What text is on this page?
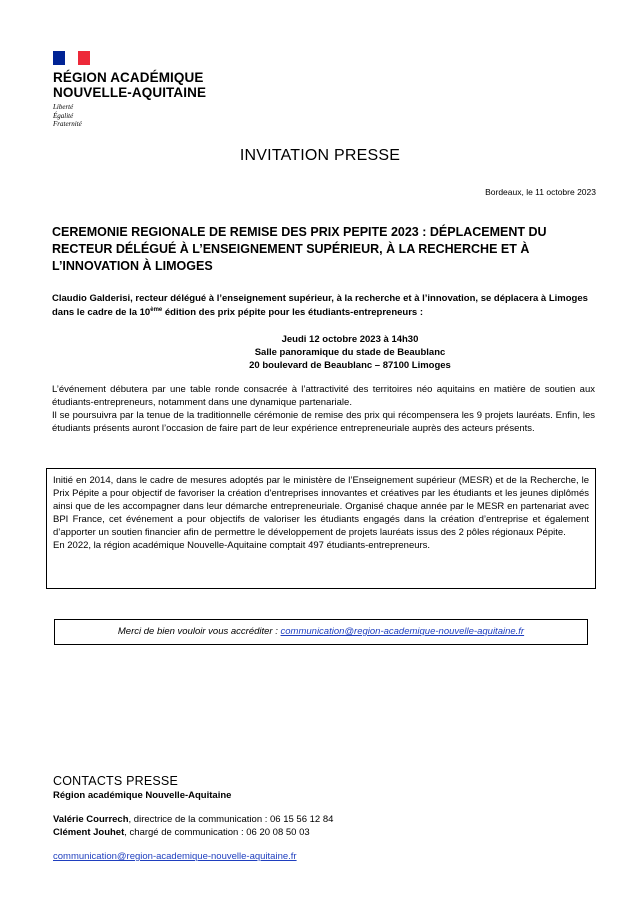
RÉGION ACADÉMIQUE
NOUVELLE-AQUITAINE
Liberté
Égalité
Fraternité
INVITATION PRESSE
Bordeaux, le 11 octobre 2023
CEREMONIE REGIONALE DE REMISE DES PRIX PEPITE 2023 : DÉPLACEMENT DU RECTEUR DÉLÉGUÉ À L’ENSEIGNEMENT SUPÉRIEUR, À LA RECHERCHE ET À L’INNOVATION À LIMOGES
Claudio Galderisi, recteur délégué à l’enseignement supérieur, à la recherche et à l’innovation, se déplacera à Limoges dans le cadre de la 10ème édition des prix pépite pour les étudiants-entrepreneurs :
Jeudi 12 octobre 2023 à 14h30
Salle panoramique du stade de Beaublanc
20 boulevard de Beaublanc – 87100 Limoges

L’événement débutera par une table ronde consacrée à l’attractivité des territoires néo aquitains en matière de soutien aux étudiants-entrepreneurs, notamment dans une dynamique partenariale.

Il se poursuivra par la tenue de la traditionnelle cérémonie de remise des prix qui récompensera les 9 projets lauréats. Enfin, les étudiants présents auront l’occasion de faire part de leur expérience entrepreneuriale auprès des acteurs présents.

Initié en 2014, dans le cadre de mesures adoptés par le ministère de l’Enseignement supérieur (MESR) et de la Recherche, le Prix Pépite a pour objectif de favoriser la création d'entreprises innovantes et créatives par les étudiants et les jeunes diplômés ainsi que de les accompagner dans leur démarche entrepreneuriale. Organisé chaque année par le MESR en partenariat avec BPI France, cet événement a pour objectifs de valoriser les étudiants engagés dans la création d’entreprise et également d’apporter un soutien financier afin de permettre le développement de projets lauréats issus des 2 pôles régionaux Pépite.

En 2022, la région académique Nouvelle-Aquitaine comptait 497 étudiants-entrepreneurs.

Merci de bien vouloir vous accréditer : communication@region-academique-nouvelle-aquitaine.fr
CONTACTS PRESSE
Région académique Nouvelle-Aquitaine
Valérie Courrech, directrice de la communication : 06 15 56 12 84
Clément Jouhet, chargé de communication : 06 20 08 50 03
communication@region-academique-nouvelle-aquitaine.fr
